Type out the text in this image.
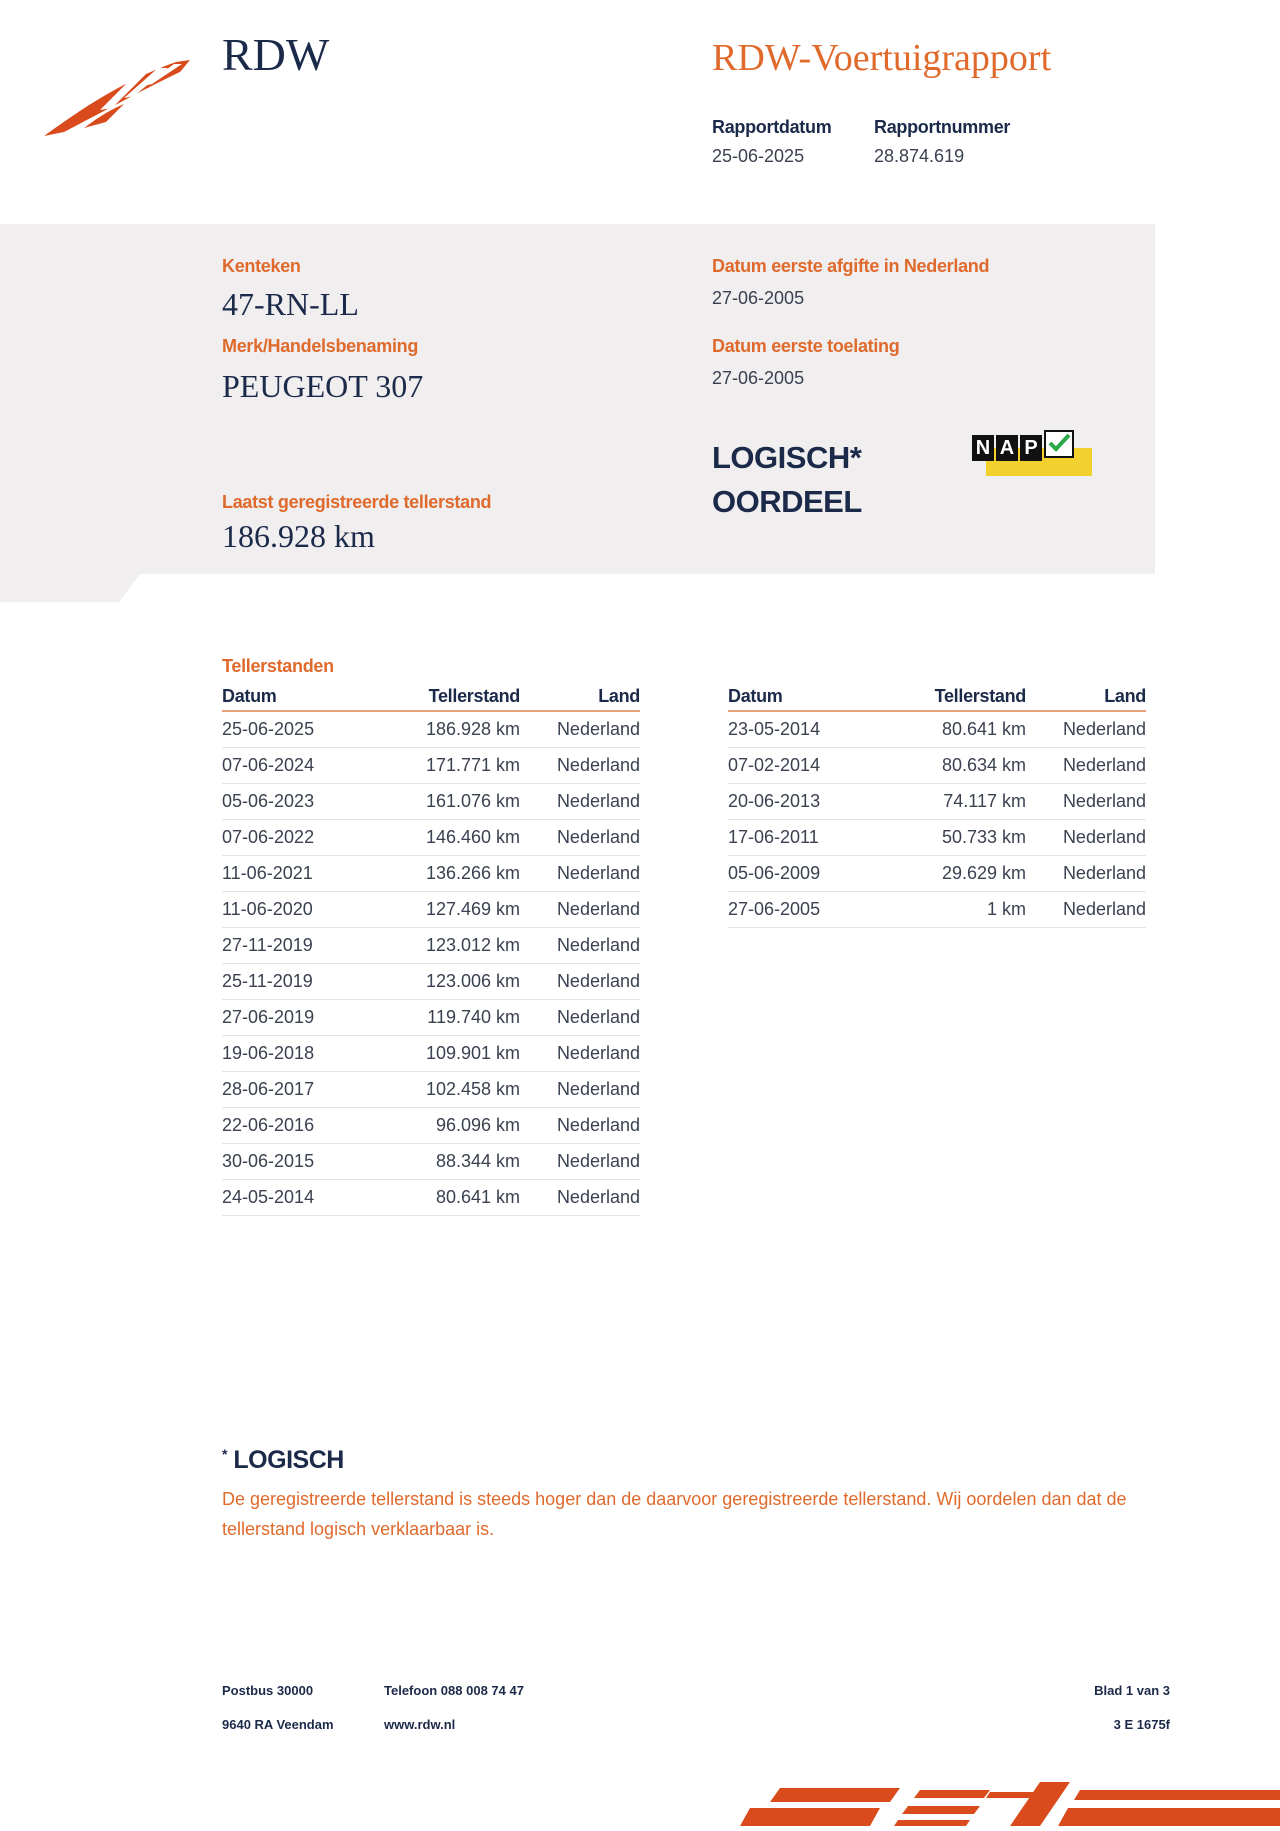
RDW	RDW-Voertuigrapport
Rapportdatum
25-06-2025
Rapportnummer
28.874.619
Kenteken
47-RN-LL
Merk/Handelsbenaming
PEUGEOT 307
Laatst geregistreerde tellerstand
186.928 km
Datum eerste afgifte in Nederland
27-06-2005
Datum eerste toelating
27-06-2005
LOGISCH*
OORDEEL
N A P
Tellerstanden
Datum	Tellerstand	Land
25-06-2025	186.928 km	Nederland
07-06-2024	171.771 km	Nederland
05-06-2023	161.076 km	Nederland
07-06-2022	146.460 km	Nederland
11-06-2021	136.266 km	Nederland
11-06-2020	127.469 km	Nederland
27-11-2019	123.012 km	Nederland
25-11-2019	123.006 km	Nederland
27-06-2019	119.740 km	Nederland
19-06-2018	109.901 km	Nederland
28-06-2017	102.458 km	Nederland
22-06-2016	96.096 km	Nederland
30-06-2015	88.344 km	Nederland
24-05-2014	80.641 km	Nederland
Datum	Tellerstand	Land
23-05-2014	80.641 km	Nederland
07-02-2014	80.634 km	Nederland
20-06-2013	74.117 km	Nederland
17-06-2011	50.733 km	Nederland
05-06-2009	29.629 km	Nederland
27-06-2005	1 km	Nederland
* LOGISCH
De geregistreerde tellerstand is steeds hoger dan de daarvoor geregistreerde tellerstand. Wij oordelen dan dat de tellerstand logisch verklaarbaar is.
Postbus 30000
9640 RA Veendam
Telefoon 088 008 74 47
www.rdw.nl
Blad 1 van 3
3 E 1675f
